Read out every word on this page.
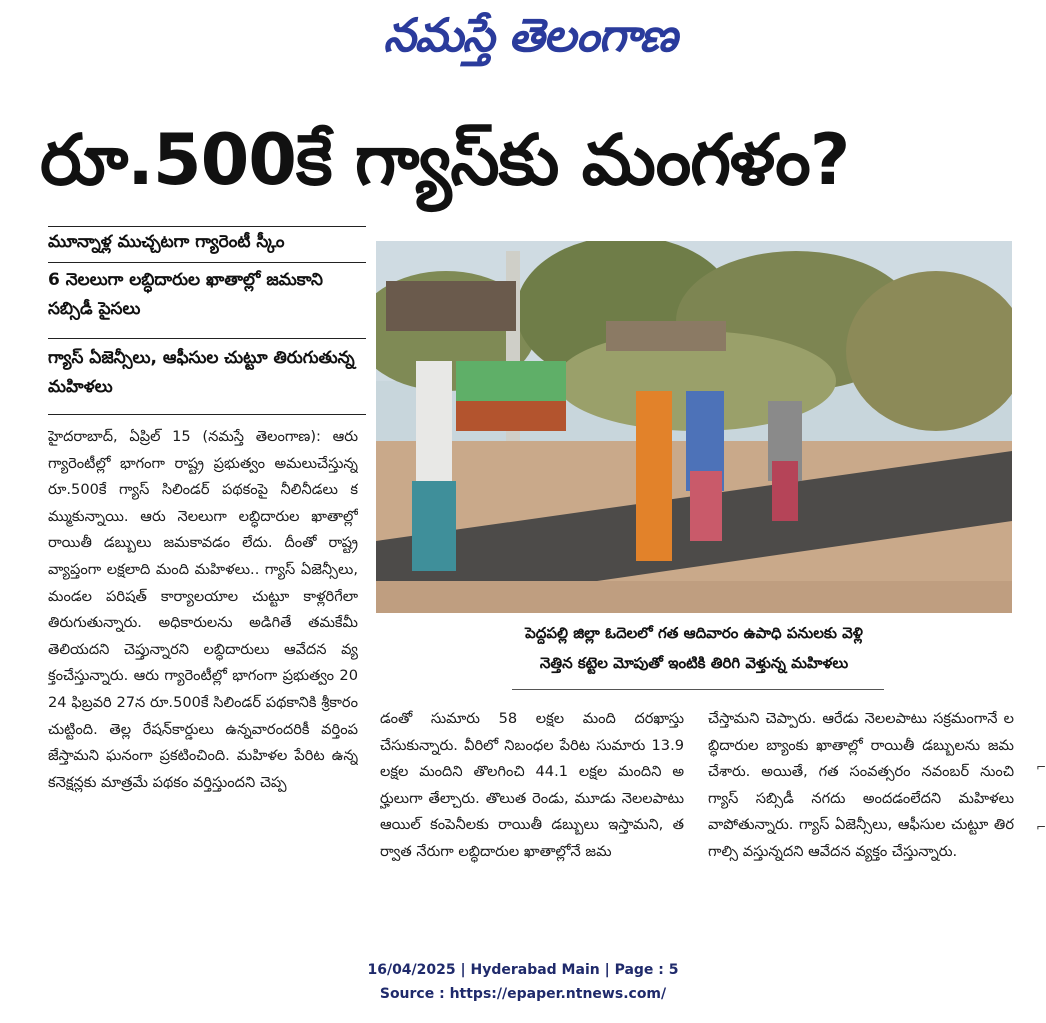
నమస్తే తెలంగాణ
రూ.500కే గ్యాస్‌కు మంగళం?
మూన్నాళ్ల ముచ్చటగా గ్యారెంటీ స్కీం
6 నెలలుగా లబ్ధిదారుల ఖాతాల్లో జమకాని సబ్సిడీ పైసలు
గ్యాస్ ఏజెన్సీలు, ఆఫీసుల చుట్టూ తిరుగుతున్న మహిళలు
హైదరాబాద్, ఏప్రిల్ 15 (నమస్తే తెలంగాణ): ఆరు గ్యారెంటీల్లో భాగంగా రాష్ట్ర ప్రభుత్వం అమలుచేస్తున్న రూ.500కే గ్యాస్ సిలిండర్ పథకంపై నీలినీడలు కమ్ముకున్నాయి. ఆరు నెలలుగా లబ్ధిదారుల ఖాతాల్లో రాయితీ డబ్బులు జమకావడం లేదు. దీంతో రాష్ట్రవ్యాప్తంగా లక్షలాది మంది మహిళలు.. గ్యాస్ ఏజెన్సీలు, మండల పరిషత్ కార్యాలయాల చుట్టూ కాళ్లరిగేలా తిరుగుతున్నారు. అధికారులను అడిగితే తమకేమీ తెలియదని చెప్తున్నారని లబ్ధిదారులు ఆవేదన వ్యక్తంచేస్తున్నారు. ఆరు గ్యారెంటీల్లో భాగంగా ప్రభుత్వం 2024 ఫిబ్రవరి 27న రూ.500కే సిలిండర్ పథకానికి శ్రీకారం చుట్టింది. తెల్ల రేషన్‌కార్డులు ఉన్నవారందరికీ వర్తింపజేస్తామని ఘనంగా ప్రకటించింది. మహిళల పేరిట ఉన్న కనెక్షన్లకు మాత్రమే పథకం వర్తిస్తుందని చెప్ప
డంతో సుమారు 58 లక్షల మంది దరఖాస్తు చేసుకున్నారు. వీరిలో నిబంధల పేరిట సుమారు 13.9 లక్షల మందిని తొలగించి 44.1 లక్షల మందిని అర్హులుగా తేల్చారు. తొలుత రెండు, మూడు నెలలపాటు ఆయిల్ కంపెనీలకు రాయితీ డబ్బులు ఇస్తామని, తర్వాత నేరుగా లబ్ధిదారుల ఖాతాల్లోనే జమ
చేస్తామని చెప్పారు. ఆరేడు నెలలపాటు సక్రమంగానే లబ్ధిదారుల బ్యాంకు ఖాతాల్లో రాయితీ డబ్బులను జమచేశారు. అయితే, గత సంవత్సరం నవంబర్ నుంచి గ్యాస్ సబ్సిడీ నగదు అందడంలేదని మహిళలు వాపోతున్నారు. గ్యాస్ ఏజెన్సీలు, ఆఫీసుల చుట్టూ తిరగాల్సి వస్తున్నదని ఆవేదన వ్యక్తం చేస్తున్నారు.
పెద్దపల్లి జిల్లా ఓదెలలో గత ఆదివారం ఉపాధి పనులకు వెళ్లి
నెత్తిన కట్టెల మోపుతో ఇంటికి తిరిగి వెళ్తున్న మహిళలు
⌐
⌐
16/04/2025 | Hyderabad Main | Page : 5
Source : https://epaper.ntnews.com/
